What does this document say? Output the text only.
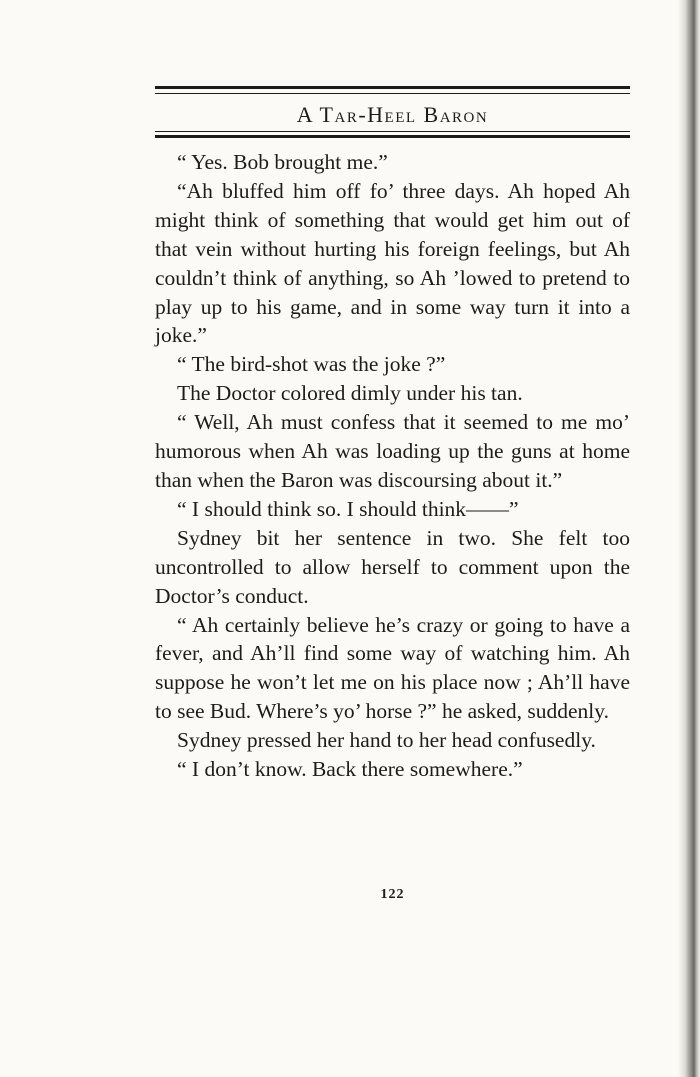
A Tar-Heel Baron

“ Yes. Bob brought me.”

“Ah bluffed him off fo’ three days. Ah hoped Ah might think of something that would get him out of that vein without hurting his foreign feelings, but Ah couldn’t think of anything, so Ah ’lowed to pretend to play up to his game, and in some way turn it into a joke.”

“ The bird-shot was the joke ?”

The Doctor colored dimly under his tan.

“ Well, Ah must confess that it seemed to me mo’ humorous when Ah was loading up the guns at home than when the Baron was discoursing about it.”

“ I should think so. I should think——”

Sydney bit her sentence in two. She felt too uncontrolled to allow herself to comment upon the Doctor’s conduct.

“ Ah certainly believe he’s crazy or going to have a fever, and Ah’ll find some way of watching him. Ah suppose he won’t let me on his place now ; Ah’ll have to see Bud. Where’s yo’ horse ?” he asked, suddenly.

Sydney pressed her hand to her head confusedly.

“ I don’t know. Back there somewhere.”

122
